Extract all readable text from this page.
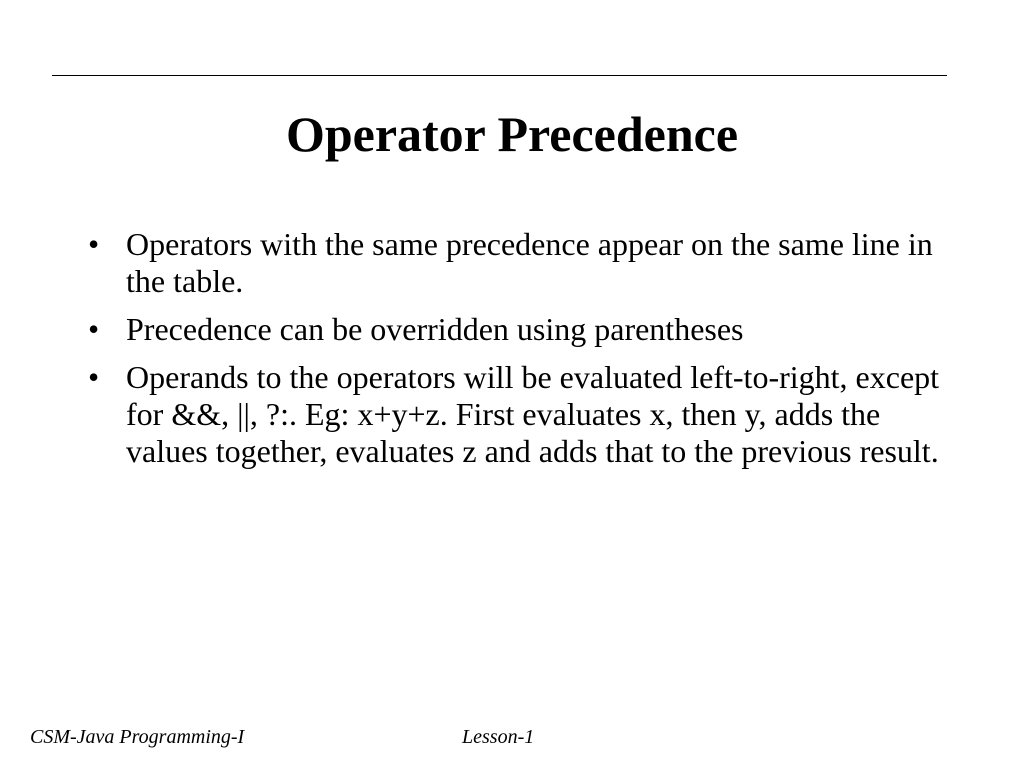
Operator Precedence
• Operators with the same precedence appear on the same line in the table.
• Precedence can be overridden using parentheses
• Operands to the operators will be evaluated left-to-right, except for &&, ||, ?:. Eg: x+y+z. First evaluates x, then y, adds the values together, evaluates z and adds that to the previous result.
CSM-Java Programming-I	Lesson-1
